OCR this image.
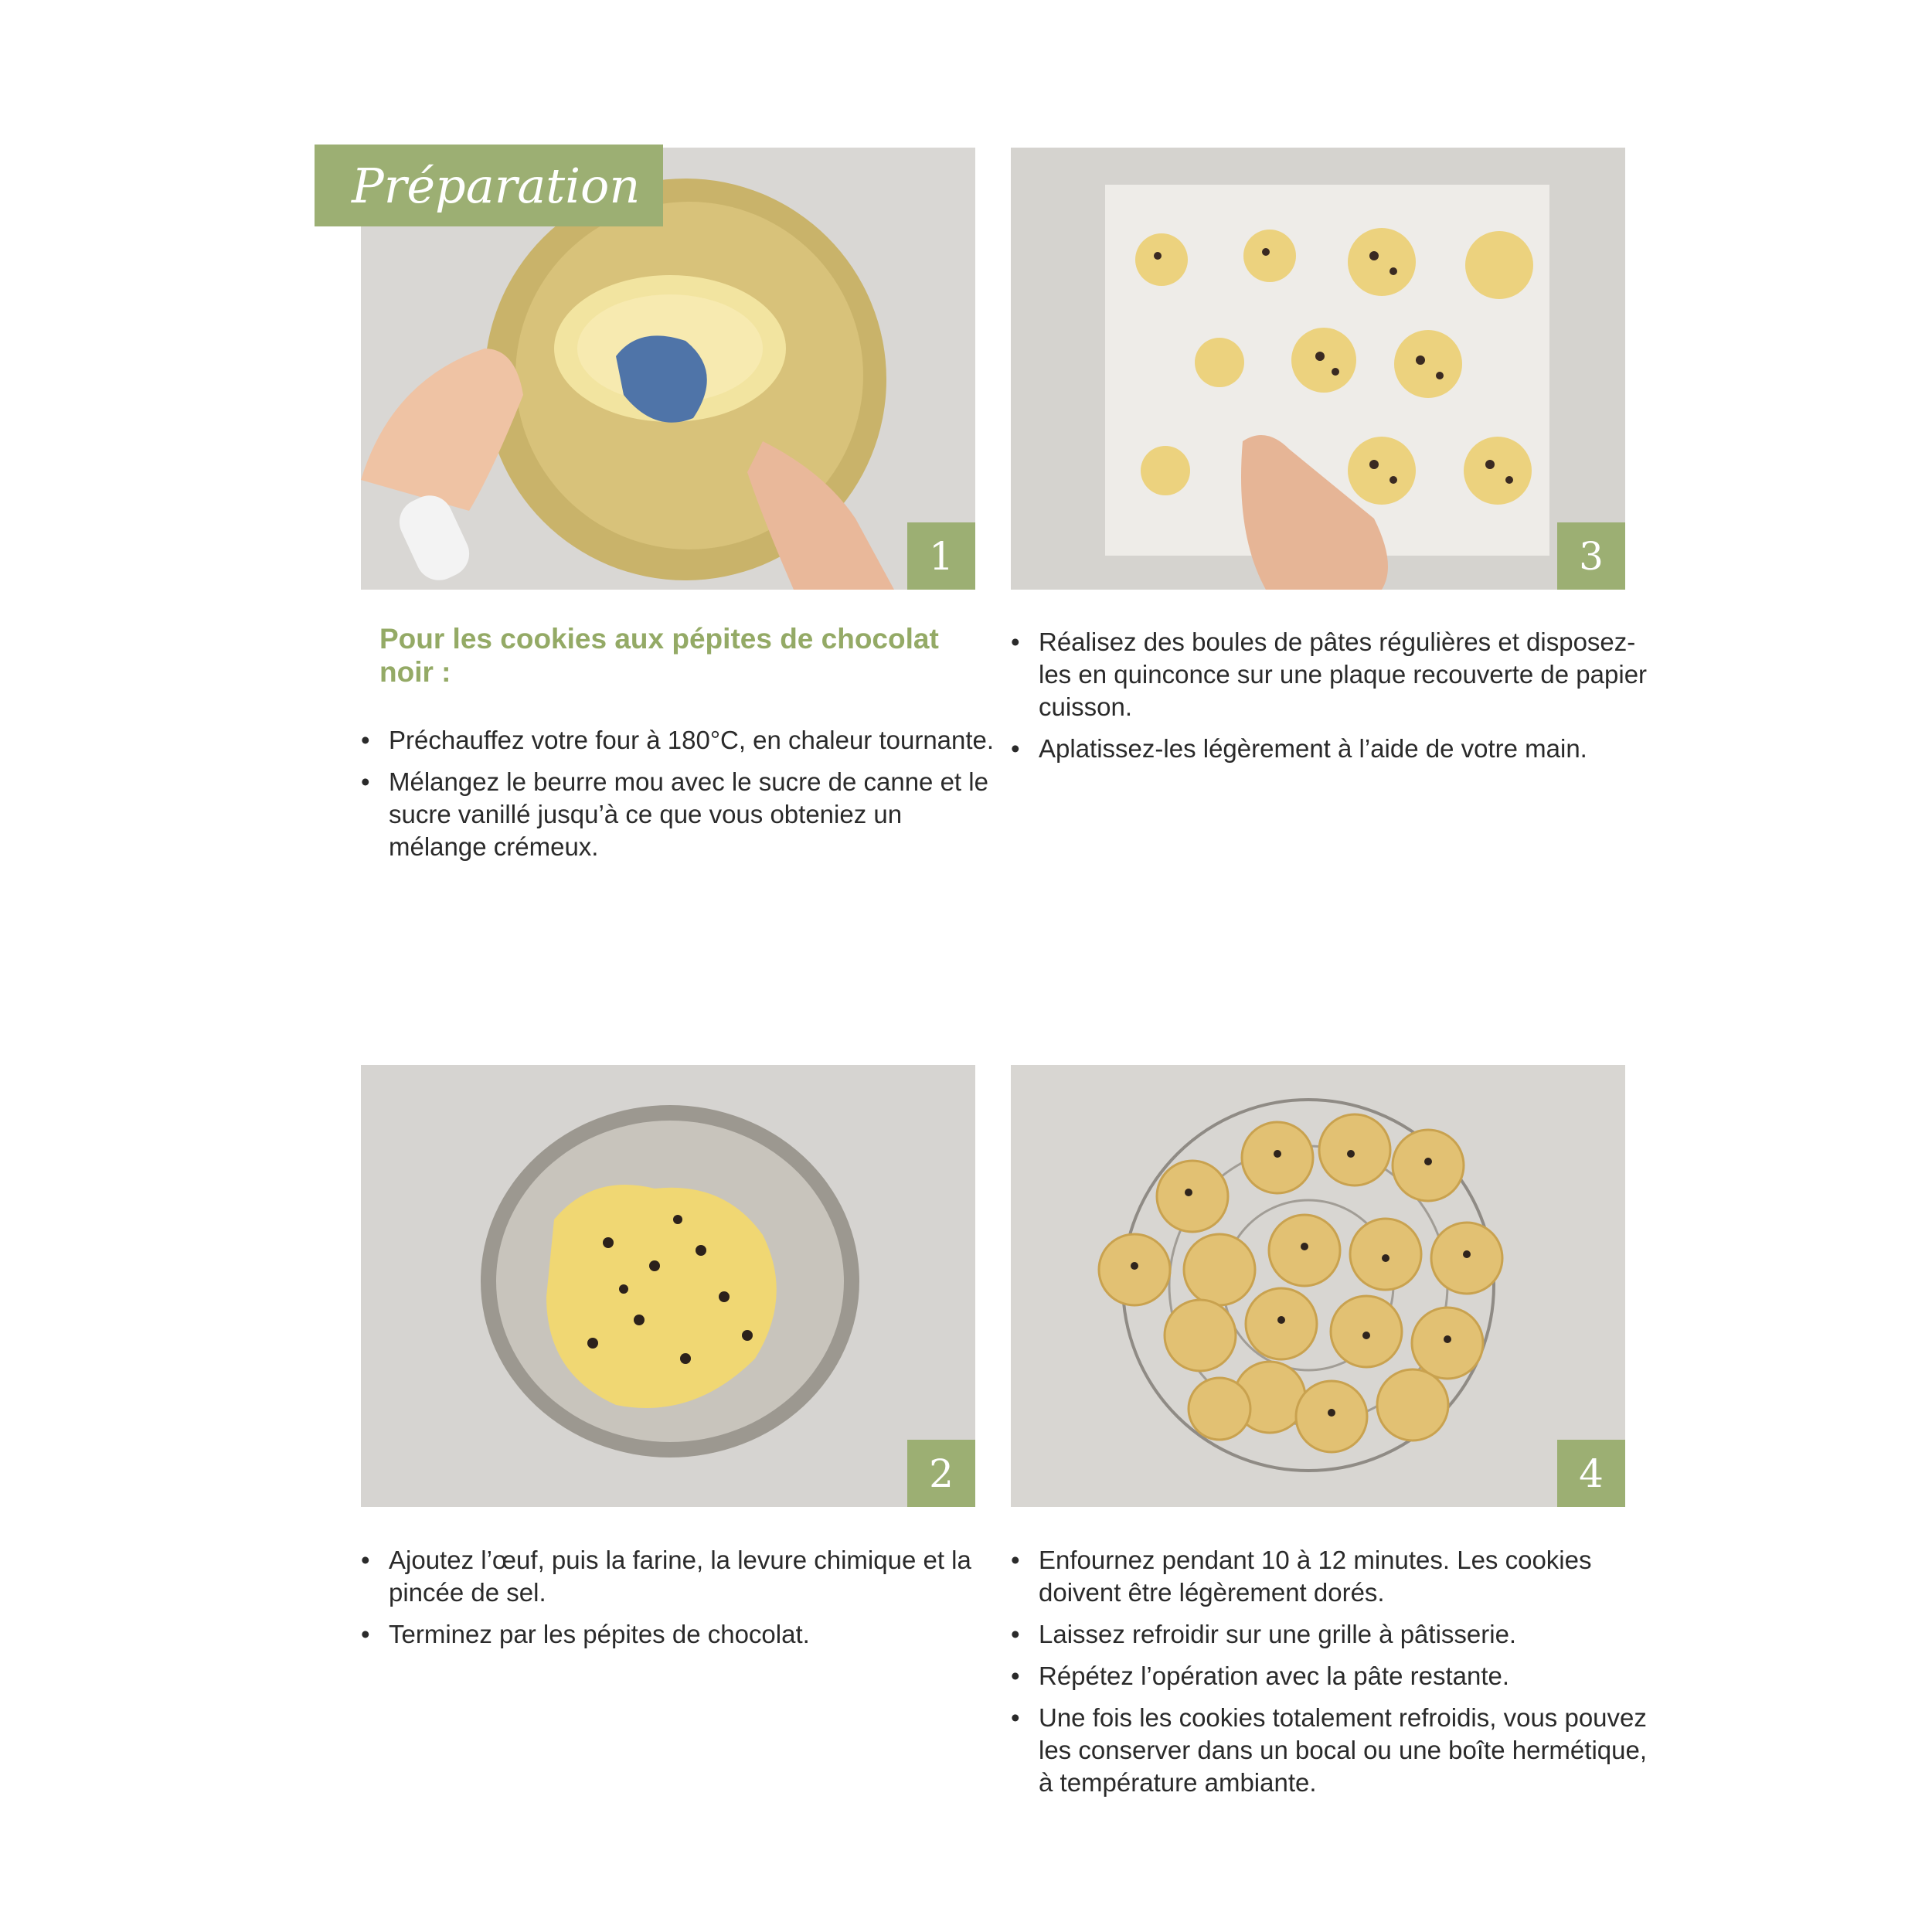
Préparation
1	3
2	4
Pour les cookies aux pépites de chocolat noir :
• Préchauffez votre four à 180°C, en chaleur tournante.
• Mélangez le beurre mou avec le sucre de canne et le sucre vanillé jusqu’à ce que vous obteniez un mélange crémeux.
• Réalisez des boules de pâtes régulières et disposez-les en quinconce sur une plaque recouverte de papier cuisson.
• Aplatissez-les légèrement à l’aide de votre main.
• Ajoutez l’œuf, puis la farine, la levure chimique et la pincée de sel.
• Terminez par les pépites de chocolat.
• Enfournez pendant 10 à 12 minutes. Les cookies doivent être légèrement dorés.
• Laissez refroidir sur une grille à pâtisserie.
• Répétez l’opération avec la pâte restante.
• Une fois les cookies totalement refroidis, vous pouvez les conserver dans un bocal ou une boîte hermétique, à température ambiante.
